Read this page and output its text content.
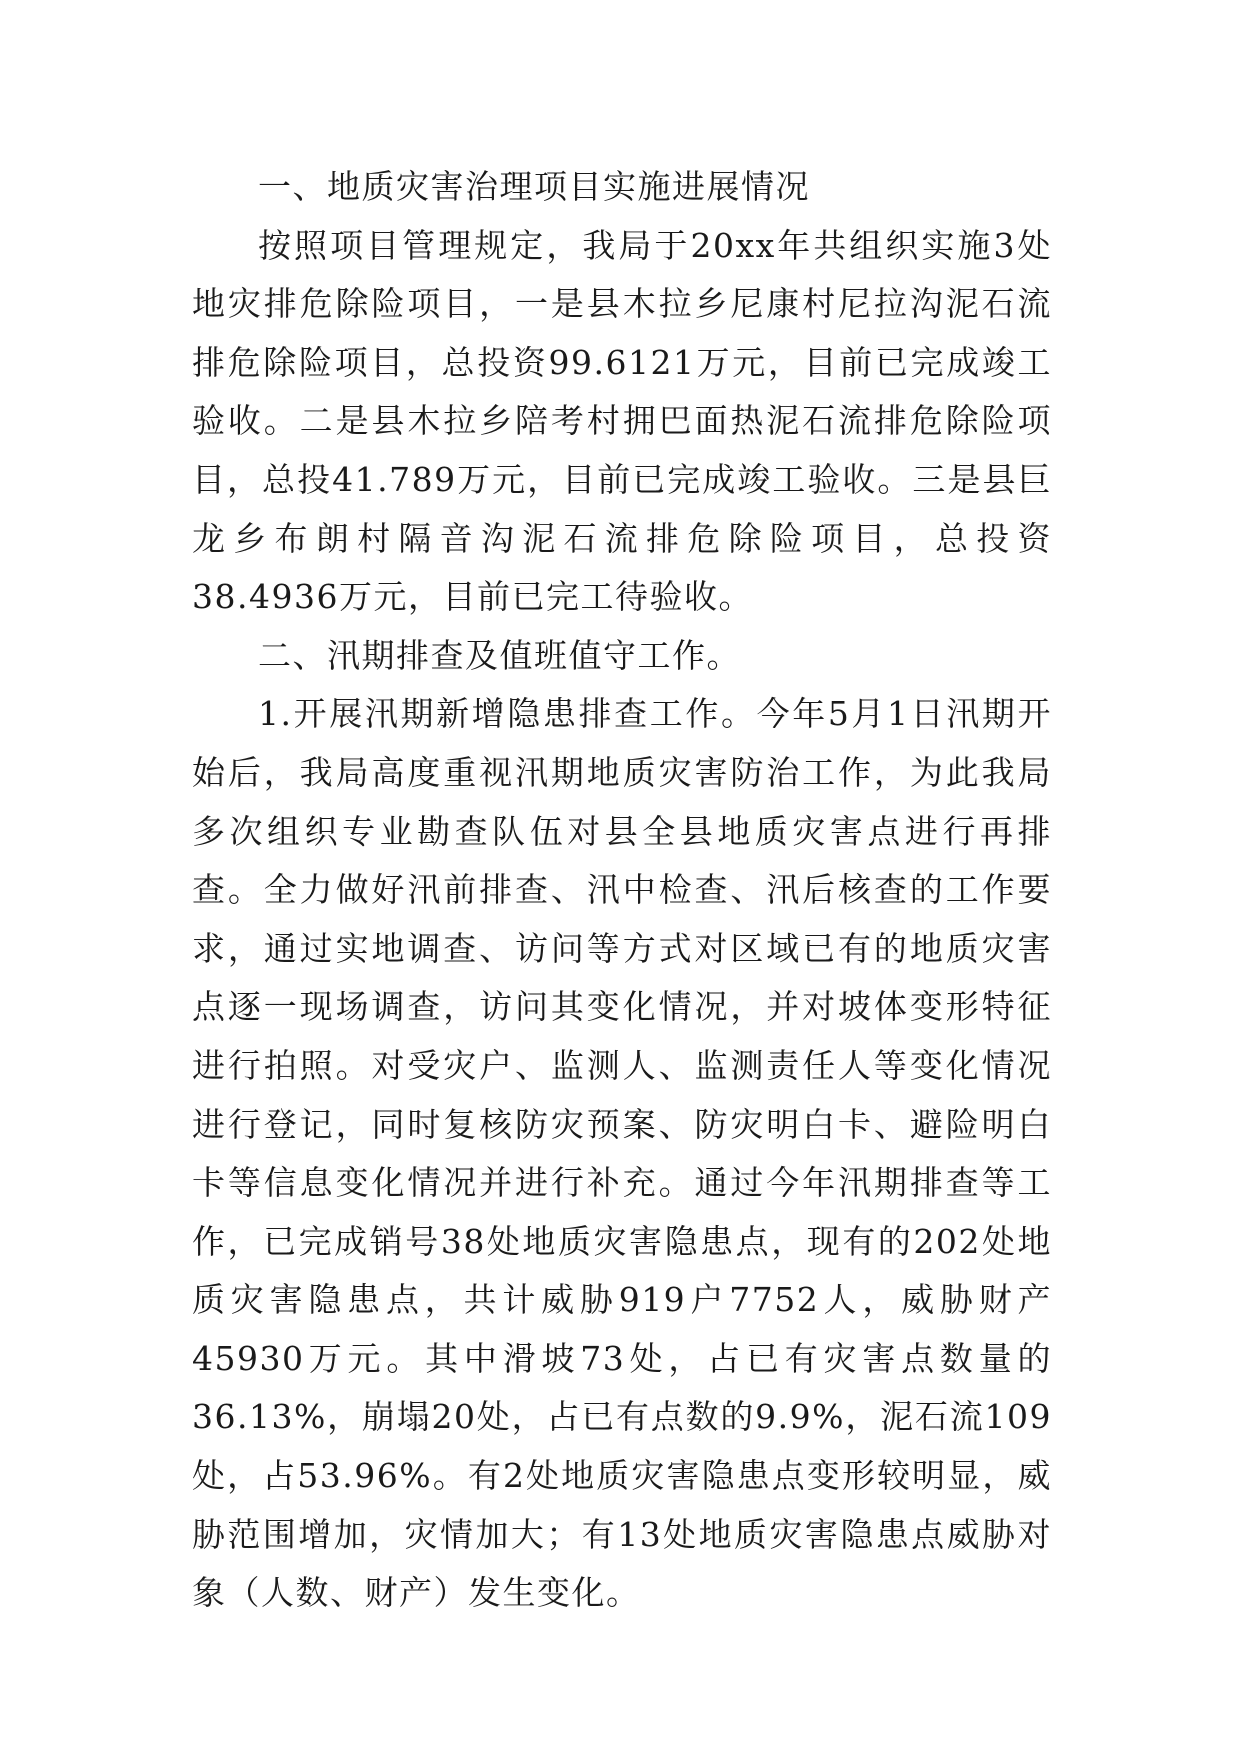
一、地质灾害治理项目实施进展情况

按照项目管理规定，我局于20xx年共组织实施3处地灾排危除险项目，一是县木拉乡尼康村尼拉沟泥石流排危除险项目，总投资99.6121万元，目前已完成竣工验收。二是县木拉乡陪考村拥巴面热泥石流排危除险项目，总投41.789万元，目前已完成竣工验收。三是县巨龙乡布朗村隔音沟泥石流排危除险项目，总投资38.4936万元，目前已完工待验收。

二、汛期排查及值班值守工作。

1.开展汛期新增隐患排查工作。今年5月1日汛期开始后，我局高度重视汛期地质灾害防治工作，为此我局多次组织专业勘查队伍对县全县地质灾害点进行再排查。全力做好汛前排查、汛中检查、汛后核查的工作要求，通过实地调查、访问等方式对区域已有的地质灾害点逐一现场调查，访问其变化情况，并对坡体变形特征进行拍照。对受灾户、监测人、监测责任人等变化情况进行登记，同时复核防灾预案、防灾明白卡、避险明白卡等信息变化情况并进行补充。通过今年汛期排查等工作，已完成销号38处地质灾害隐患点，现有的202处地质灾害隐患点，共计威胁919户7752人，威胁财产45930万元。其中滑坡73处，占已有灾害点数量的36.13%，崩塌20处，占已有点数的9.9%，泥石流109处，占53.96%。有2处地质灾害隐患点变形较明显，威胁范围增加，灾情加大；有13处地质灾害隐患点威胁对象（人数、财产）发生变化。
